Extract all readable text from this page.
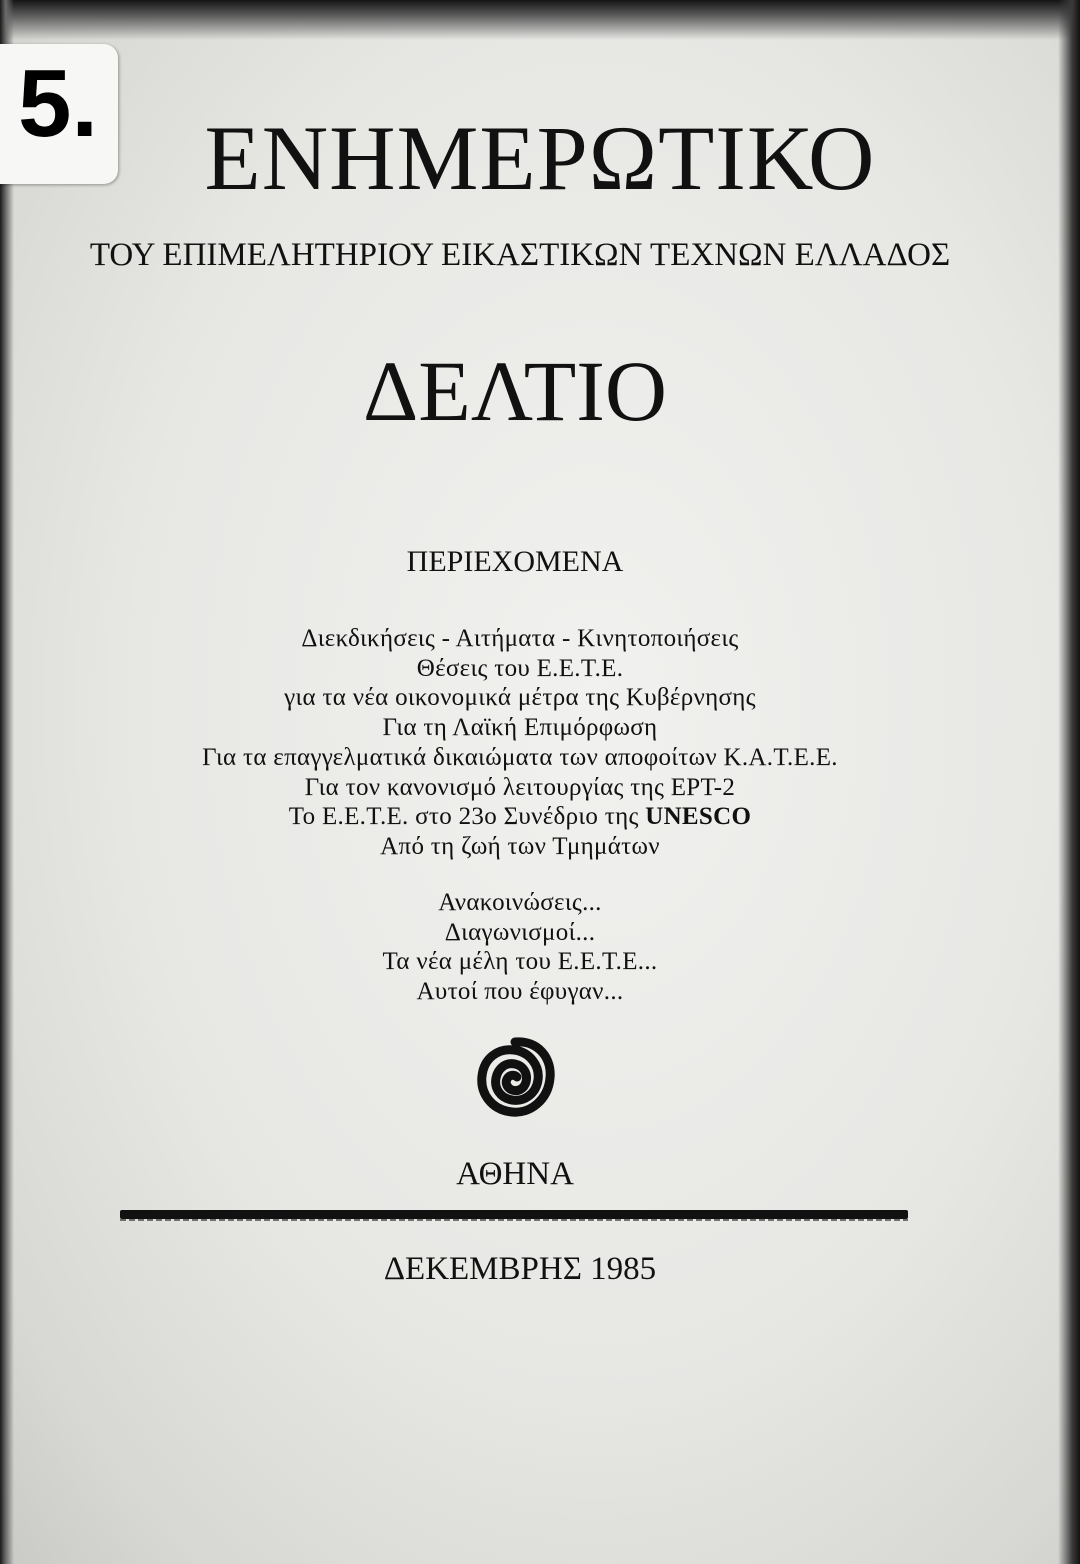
5.
ΕΝΗΜΕΡΩΤΙΚΟ
ΤΟΥ ΕΠΙΜΕΛΗΤΗΡΙΟΥ ΕΙΚΑΣΤΙΚΩΝ ΤΕΧΝΩΝ ΕΛΛΑΔΟΣ
ΔΕΛΤΙΟ
ΠΕΡΙΕΧΟΜΕΝΑ
Διεκδικήσεις - Αιτήματα - Κινητοποιήσεις
Θέσεις του Ε.Ε.Τ.Ε.
για τα νέα οικονομικά μέτρα της Κυβέρνησης
Για τη Λαϊκή Επιμόρφωση
Για τα επαγγελματικά δικαιώματα των αποφοίτων Κ.Α.Τ.Ε.Ε.
Για τον κανονισμό λειτουργίας της ΕΡΤ-2
Το Ε.Ε.Τ.Ε. στο 23ο Συνέδριο της UNESCO
Από τη ζωή των Τμημάτων
Ανακοινώσεις...
Διαγωνισμοί...
Τα νέα μέλη του Ε.Ε.Τ.Ε...
Αυτοί που έφυγαν...
ΑΘΗΝΑ
ΔΕΚΕΜΒΡΗΣ 1985
